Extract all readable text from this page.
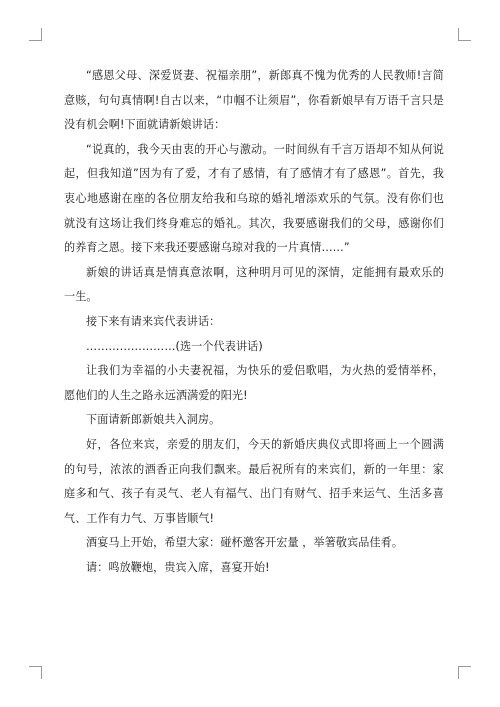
“感恩父母、深爱贤妻、祝福亲朋”，新郎真不愧为优秀的人民教师!言简意赅，句句真情啊!自古以来，“巾帼不让须眉”，你看新娘早有万语千言只是没有机会啊!下面就请新娘讲话：

“说真的，我今天由衷的开心与激动。一时间纵有千言万语却不知从何说起，但我知道”因为有了爱，才有了感情，有了感情才有了感恩”。首先，我衷心地感谢在座的各位朋友给我和乌琼的婚礼增添欢乐的气氛。没有你们也就没有这场让我们终身难忘的婚礼。其次，我要感谢我们的父母，感谢你们的养育之恩。接下来我还要感谢乌琼对我的一片真情……”

新娘的讲话真是情真意浓啊，这种明月可见的深情，定能拥有最欢乐的一生。

接下来有请来宾代表讲话：

……………………(选一个代表讲话)

让我们为幸福的小夫妻祝福，为快乐的爱侣歌唱，为火热的爱情举杯，愿他们的人生之路永远洒满爱的阳光!

下面请新郎新娘共入洞房。

好，各位来宾，亲爱的朋友们，今天的新婚庆典仪式即将画上一个圆满的句号，浓浓的酒香正向我们飘来。最后祝所有的来宾们，新的一年里：家庭多和气、孩子有灵气、老人有福气、出门有财气、招手来运气、生活多喜气、工作有力气、万事皆顺气!

酒宴马上开始，希望大家：碰杯邀客开宏量 ，举箸敬宾品佳肴。

请：鸣放鞭炮，贵宾入席，喜宴开始!
